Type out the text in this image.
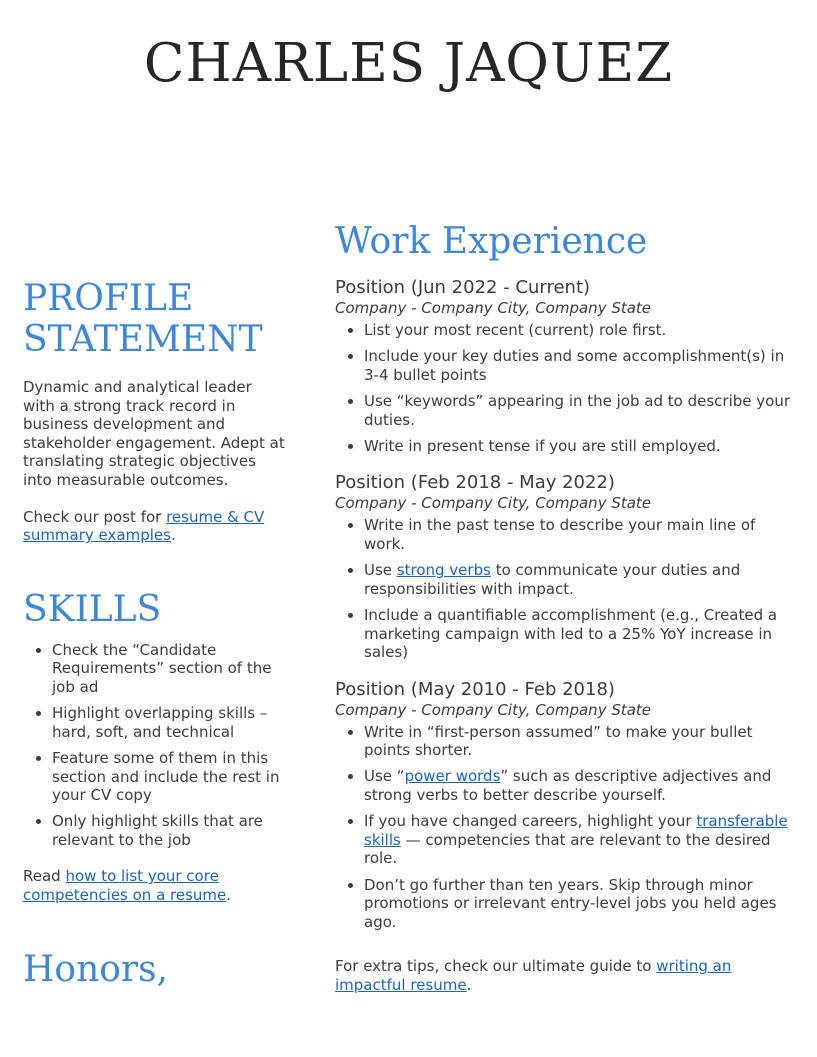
CHARLES JAQUEZ
PROFILE STATEMENT

Dynamic and analytical leader with a strong track record in business development and stakeholder engagement. Adept at translating strategic objectives into measurable outcomes.

Check our post for resume & CV summary examples.

SKILLS
• Check the “Candidate Requirements” section of the job ad
• Highlight overlapping skills – hard, soft, and technical
• Feature some of them in this section and include the rest in your CV copy
• Only highlight skills that are relevant to the job

Read how to list your core competencies on a resume.

Honors,
Work Experience

Position (Jun 2022 - Current)

Company - Company City, Company State

• List your most recent (current) role first.
• Include your key duties and some accomplishment(s) in 3-4 bullet points
• Use “keywords” appearing in the job ad to describe your duties.
• Write in present tense if you are still employed.

Position (Feb 2018 - May 2022)

Company - Company City, Company State

• Write in the past tense to describe your main line of work.
• Use strong verbs to communicate your duties and responsibilities with impact.
• Include a quantifiable accomplishment (e.g., Created a marketing campaign with led to a 25% YoY increase in sales)

Position (May 2010 - Feb 2018)

Company - Company City, Company State

• Write in “first-person assumed” to make your bullet points shorter.
• Use “power words” such as descriptive adjectives and strong verbs to better describe yourself.
• If you have changed careers, highlight your transferable skills — competencies that are relevant to the desired role.
• Don’t go further than ten years. Skip through minor promotions or irrelevant entry-level jobs you held ages ago.

For extra tips, check our ultimate guide to writing an impactful resume.
